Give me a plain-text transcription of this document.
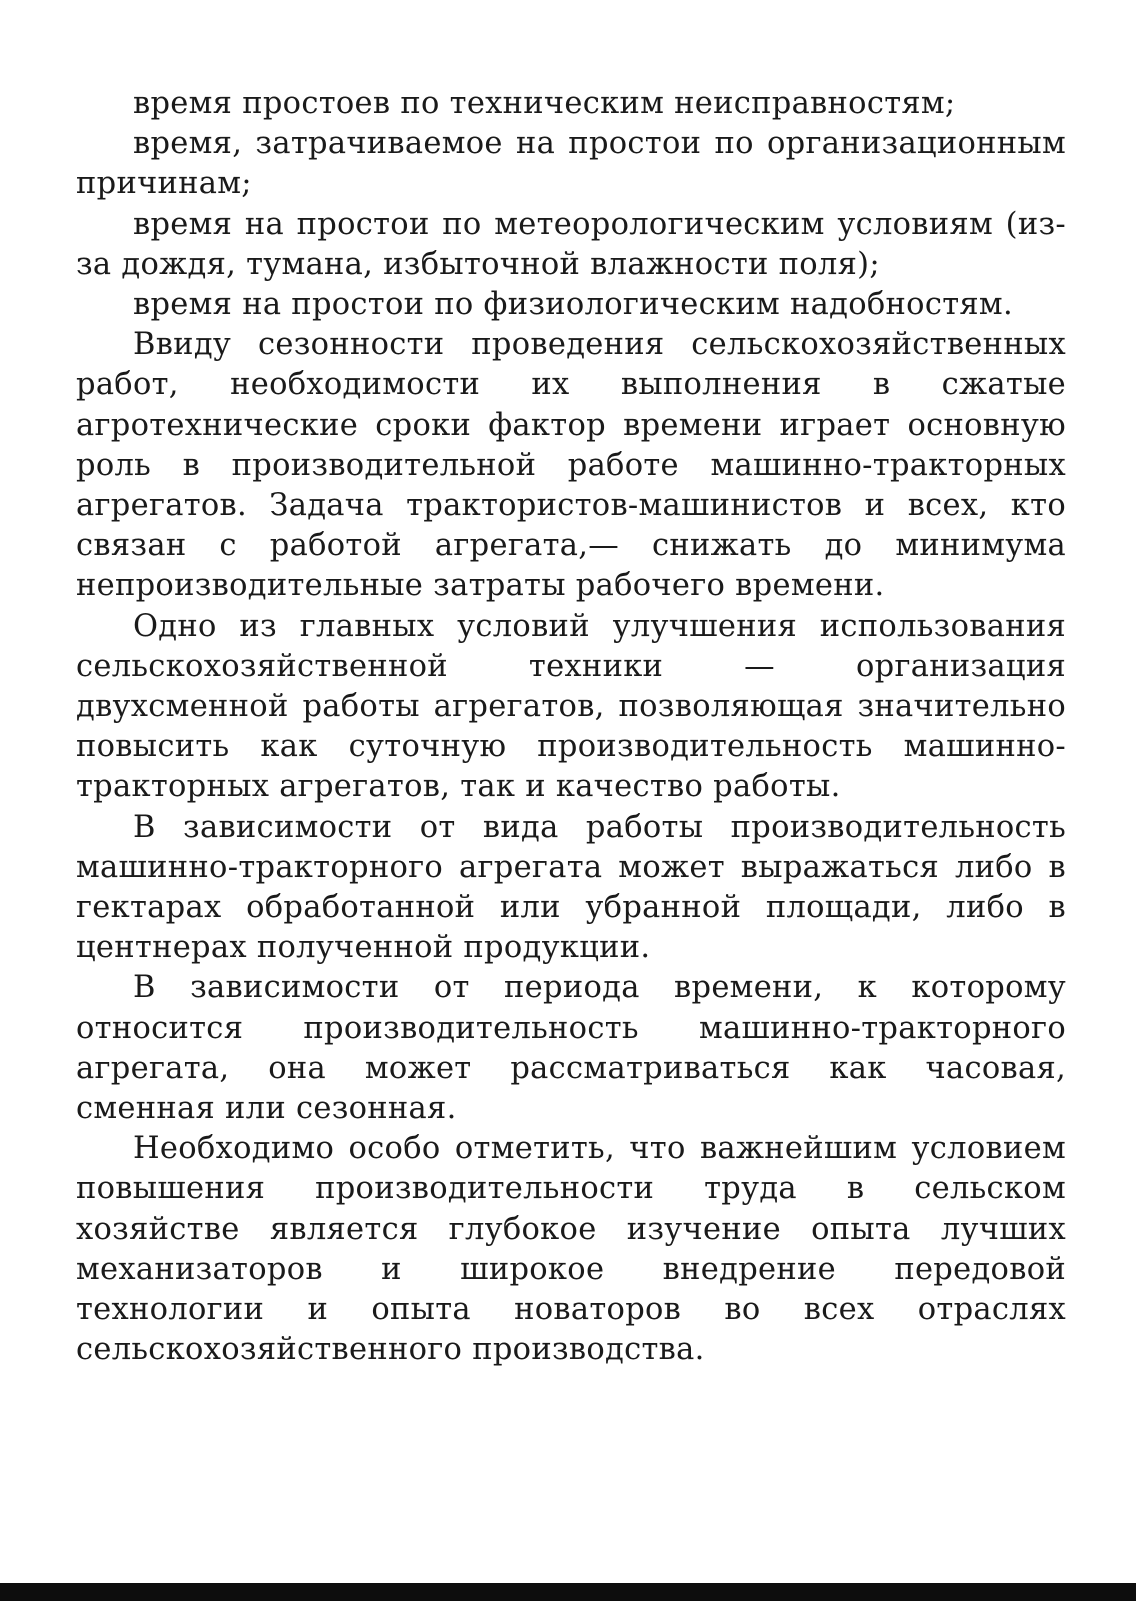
время простоев по техническим неисправностям;

время, затрачиваемое на простои по организационным причинам;

время на простои по метеорологическим условиям (из-за дождя, тумана, избыточной влажности поля);

время на простои по физиологическим надобностям.

Ввиду сезонности проведения сельскохозяйственных работ, необходимости их выполнения в сжатые агротехнические сроки фактор времени играет основную роль в производительной работе машинно-тракторных агрегатов. Задача трактористов-машинистов и всех, кто связан с работой агрегата,— снижать до минимума непроизводительные затраты рабочего времени.

Одно из главных условий улучшения использования сельскохозяйственной техники — организация двухсменной работы агрегатов, позволяющая значительно повысить как суточную производительность машинно-тракторных агрегатов, так и качество работы.

В зависимости от вида работы производительность машинно-тракторного агрегата может выражаться либо в гектарах обработанной или убранной площади, либо в центнерах полученной продукции.

В зависимости от периода времени, к которому относится производительность машинно-тракторного агрегата, она может рассматриваться как часовая, сменная или сезонная.

Необходимо особо отметить, что важнейшим условием повышения производительности труда в сельском хозяйстве является глубокое изучение опыта лучших механизаторов и широкое внедрение передовой технологии и опыта новаторов во всех отраслях сельскохозяйственного производства.
